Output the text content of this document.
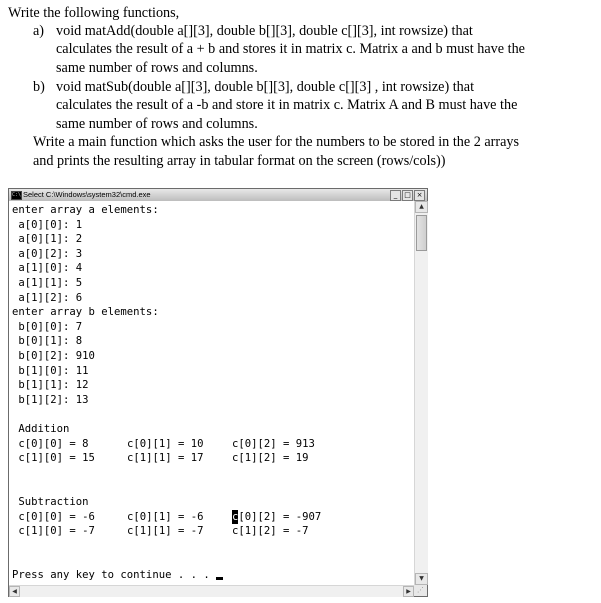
Write the following functions,
a) void matAdd(double a[][3], double b[][3], double c[][3], int rowsize) that
calculates the result of a + b and stores it in matrix c. Matrix a and b must have the
same number of rows and columns.
b) void matSub(double a[][3], double b[][3], double c[][3] , int rowsize) that
calculates the result of a -b and store it in matrix c. Matrix A and B must have the
same number of rows and columns.
Write a main function which asks the user for the numbers to be stored in the 2 arrays
and prints the resulting array in tabular format on the screen (rows/cols))
C:\ Select C:\Windows\system32\cmd.exe	_ □ ×
enter array a elements:
a[0][0]: 1
a[0][1]: 2
a[0][2]: 3
a[1][0]: 4
a[1][1]: 5
a[1][2]: 6
enter array b elements:
b[0][0]: 7
b[0][1]: 8
b[0][2]: 910
b[1][0]: 11
b[1][1]: 12
b[1][2]: 13
Addition
c[0][0] = 8	c[0][1] = 10	c[0][2] = 913
c[1][0] = 15	c[1][1] = 17	c[1][2] = 19
Subtraction
c[0][0] = -6	c[0][1] = -6	c[0][2] = -907
c[1][0] = -7	c[1][1] = -7	c[1][2] = -7
Press any key to continue . . .
▲
▼
◀	▶ ⋰
